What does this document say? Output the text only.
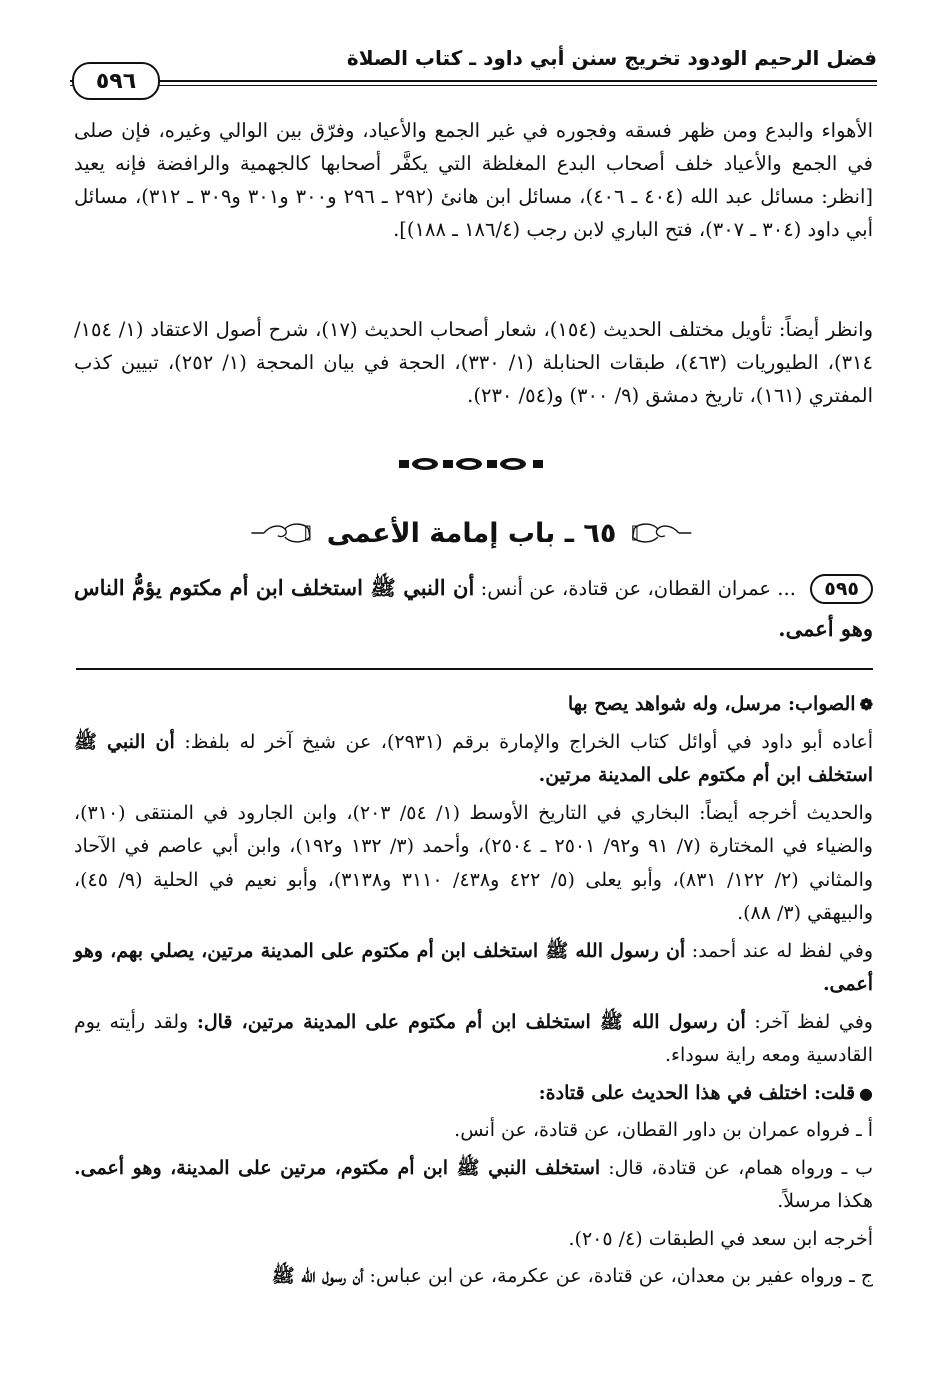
فضل الرحيم الودود تخريج سنن أبي داود ـ كتاب الصلاة
٥٩٦
الأهواء والبدع ومن ظهر فسقه وفجوره في غير الجمع والأعياد، وفرّق بين الوالي وغيره، فإن صلى في الجمع والأعياد خلف أصحاب البدع المغلظة التي يكفَّر أصحابها كالجهمية والرافضة فإنه يعيد [انظر: مسائل عبد الله (٤٠٤ ـ ٤٠٦)، مسائل ابن هانئ (٢٩٢ ـ ٢٩٦ و٣٠٠ و٣٠١ و٣٠٩ ـ ٣١٢)، مسائل أبي داود (٣٠٤ ـ ٣٠٧)، فتح الباري لابن رجب (١٨٦/٤ ـ ١٨٨)].
وانظر أيضاً: تأويل مختلف الحديث (١٥٤)، شعار أصحاب الحديث (١٧)، شرح أصول الاعتقاد (١/ ١٥٤/ ٣١٤)، الطيوريات (٤٦٣)، طبقات الحنابلة (١/ ٣٣٠)، الحجة في بيان المحجة (١/ ٢٥٢)، تبيين كذب المفتري (١٦١)، تاريخ دمشق (٩/ ٣٠٠) و(٥٤/ ٢٣٠).
٦٥ ـ باب إمامة الأعمى
٥٩٥ ... عمران القطان، عن قتادة، عن أنس: أن النبي ﷺ استخلف ابن أم مكتوم يؤمُّ الناس وهو أعمى.

❁الصواب: مرسل، وله شواهد يصح بها

أعاده أبو داود في أوائل كتاب الخراج والإمارة برقم (٢٩٣١)، عن شيخ آخر له بلفظ: أن النبي ﷺ استخلف ابن أم مكتوم على المدينة مرتين.

والحديث أخرجه أيضاً: البخاري في التاريخ الأوسط (١/ ٥٤/ ٢٠٣)، وابن الجارود في المنتقى (٣١٠)، والضياء في المختارة (٧/ ٩١ و٩٢/ ٢٥٠١ ـ ٢٥٠٤)، وأحمد (٣/ ١٣٢ و١٩٢)، وابن أبي عاصم في الآحاد والمثاني (٢/ ١٢٢/ ٨٣١)، وأبو يعلى (٥/ ٤٢٢ و٤٣٨/ ٣١١٠ و٣١٣٨)، وأبو نعيم في الحلية (٩/ ٤٥)، والبيهقي (٣/ ٨٨).

وفي لفظ له عند أحمد: أن رسول الله ﷺ استخلف ابن أم مكتوم على المدينة مرتين، يصلي بهم، وهو أعمى.

وفي لفظ آخر: أن رسول الله ﷺ استخلف ابن أم مكتوم على المدينة مرتين، قال: ولقد رأيته يوم القادسية ومعه راية سوداء.

●قلت: اختلف في هذا الحديث على قتادة:

أ ـ فرواه عمران بن داور القطان، عن قتادة، عن أنس.

ب ـ ورواه همام، عن قتادة، قال: استخلف النبي ﷺ ابن أم مكتوم، مرتين على المدينة، وهو أعمى. هكذا مرسلاً.

أخرجه ابن سعد في الطبقات (٤/ ٢٠٥).

ج ـ ورواه عفير بن معدان، عن قتادة، عن عكرمة، عن ابن عباس: أن رسول الله ﷺ
